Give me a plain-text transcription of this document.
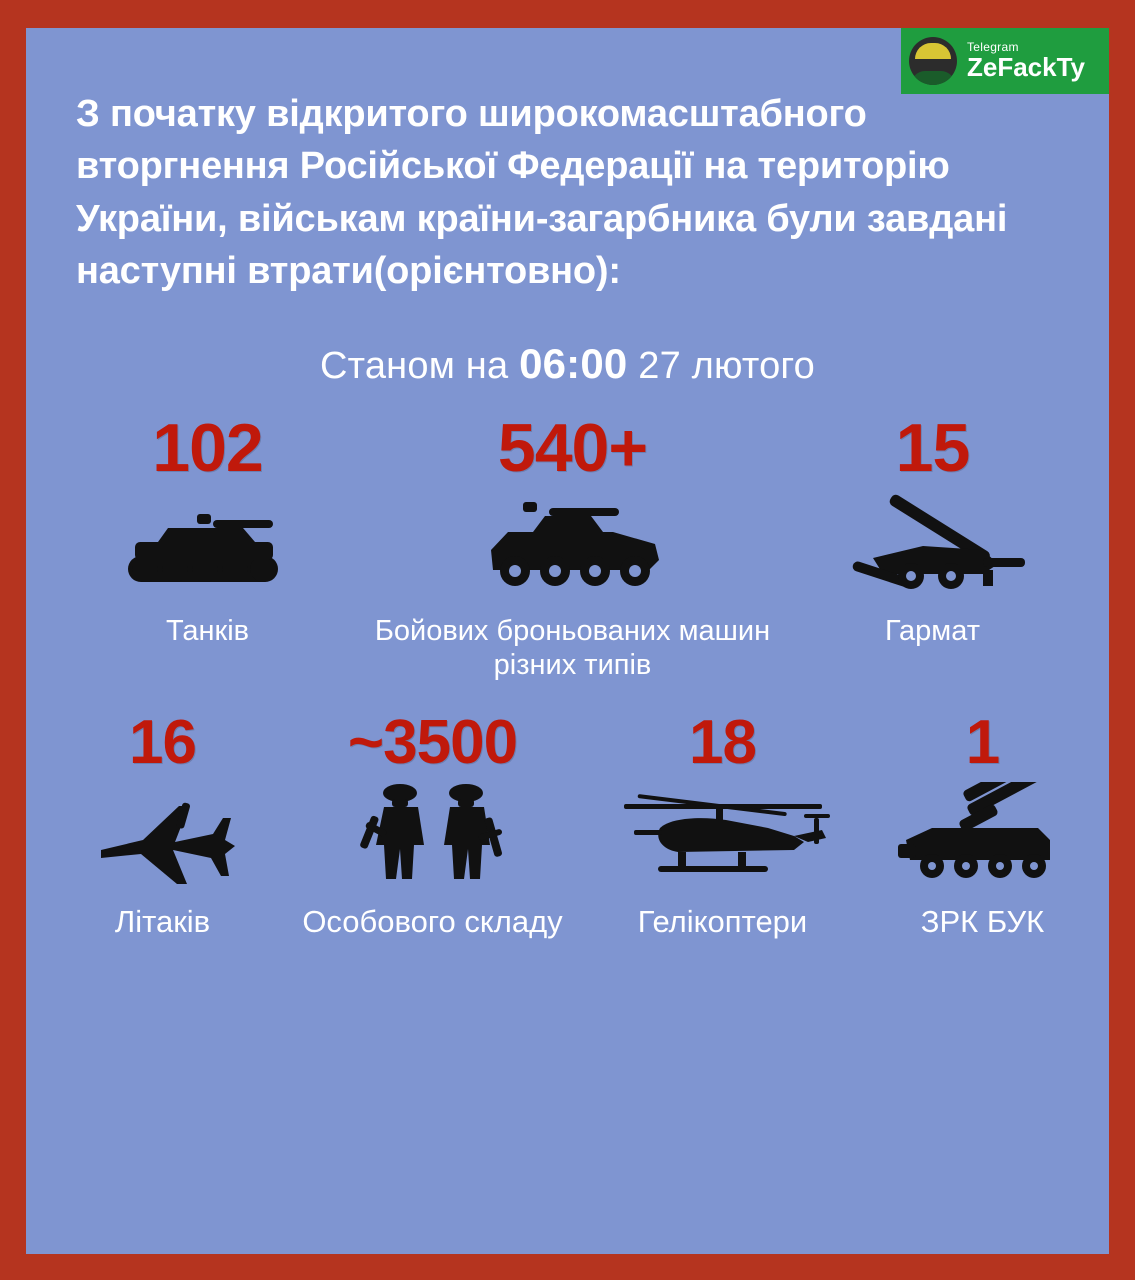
Telegram
ZeFackTy
З початку відкритого широкомасштабного вторгнення Російської Федерації на територію України, військам країни-загарбника були завдані наступні втрати(орієнтовно):
Станом на 06:00 27 лютого
102
Танків
540+
Бойових броньованих машин різних типів
15
Гармат
16
Літаків
~3500
Особового складу
18
Гелікоптери
1
ЗРК БУК
